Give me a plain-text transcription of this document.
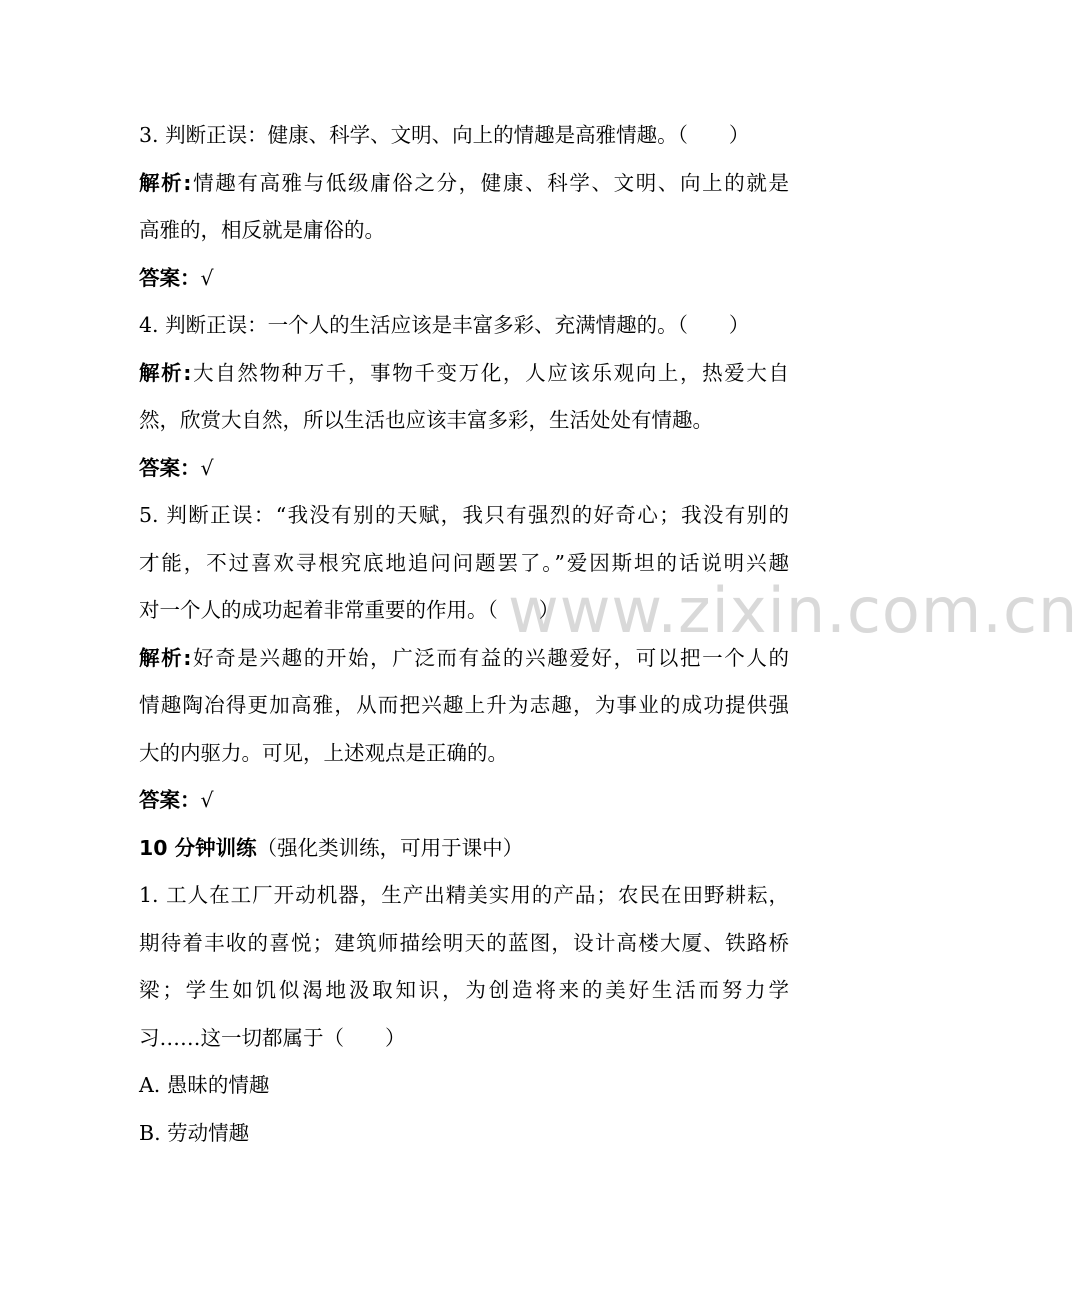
www.zixin.com.cn
3. 判断正误：健康、科学、文明、向上的情趣是高雅情趣。（　　）
解析:情趣有高雅与低级庸俗之分，健康、科学、文明、向上的就是
高雅的，相反就是庸俗的。
答案：√
4. 判断正误：一个人的生活应该是丰富多彩、充满情趣的。（　　）
解析:大自然物种万千，事物千变万化，人应该乐观向上，热爱大自
然，欣赏大自然，所以生活也应该丰富多彩，生活处处有情趣。
答案：√
5. 判断正误：“我没有别的天赋，我只有强烈的好奇心；我没有别的
才能，不过喜欢寻根究底地追问问题罢了。”爱因斯坦的话说明兴趣
对一个人的成功起着非常重要的作用。（　　）
解析:好奇是兴趣的开始，广泛而有益的兴趣爱好，可以把一个人的
情趣陶冶得更加高雅，从而把兴趣上升为志趣，为事业的成功提供强
大的内驱力。可见，上述观点是正确的。
答案：√
10 分钟训练（强化类训练，可用于课中）
1. 工人在工厂开动机器，生产出精美实用的产品；农民在田野耕耘，
期待着丰收的喜悦；建筑师描绘明天的蓝图，设计高楼大厦、铁路桥
梁；学生如饥似渴地汲取知识，为创造将来的美好生活而努力学
习……这一切都属于（　　）
A. 愚昧的情趣
B. 劳动情趣
